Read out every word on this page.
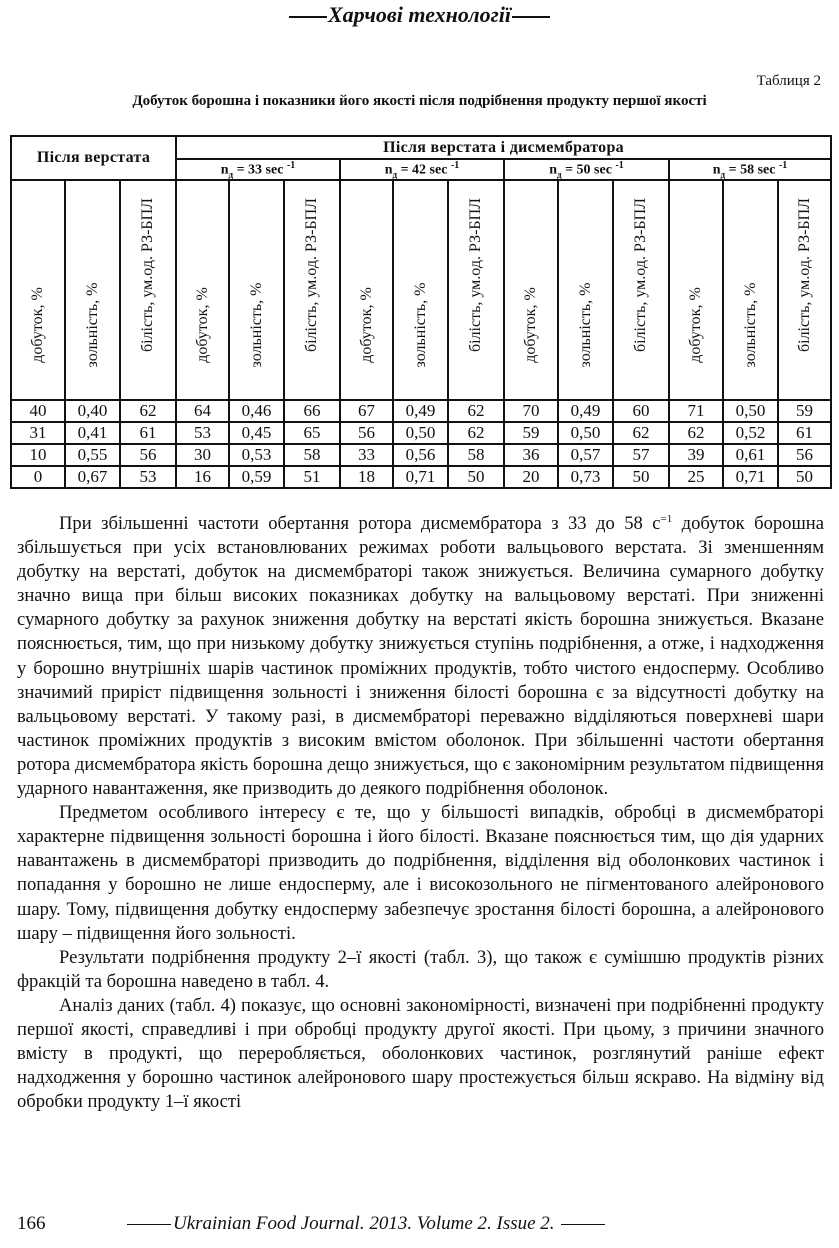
Харчові технології
Таблиця 2
Добуток борошна і показники його якості після подрібнення продукту першої якості
Після верстата			Після верстата і дисмембратора											
			$n_д = 33$ sec $^{-1}$			$n_д = 42$ sec $^{-1}$			$n_д = 50$ sec $^{-1}$			$n_д = 58$ sec $^{-1}$

добуток, %	зольність, %	білість, ум.од. РЗ-БПЛ	добуток, %	зольність, %	білість, ум.од. РЗ-БПЛ	добуток, %	зольність, %	білість, ум.од. РЗ-БПЛ	добуток, %	зольність, %	білість, ум.од. РЗ-БПЛ	добуток, %	зольність, %	білість, ум.од. РЗ-БПЛ

40	0,40	62	64	0,46	66	67	0,49	62	70	0,49	60	71	0,50	59
31	0,41	61	53	0,45	65	56	0,50	62	59	0,50	62	62	0,52	61
10	0,55	56	30	0,53	58	33	0,56	58	36	0,57	57	39	0,61	56
0	0,67	53	16	0,59	51	18	0,71	50	20	0,73	50	25	0,71	50

При збільшенні частоти обертання ротора дисмембратора з 33 до 58 $с^{=1}$ добуток борошна збільшується при усіх встановлюваних режимах роботи вальцьового верстата. Зі зменшенням добутку на верстаті, добуток на дисмембраторі також знижується. Величина сумарного добутку значно вища при більш високих показниках добутку на вальцьовому верстаті. При зниженні сумарного добутку за рахунок зниження добутку на верстаті якість борошна знижується. Вказане пояснюється, тим, що при низькому добутку знижується ступінь подрібнення, а отже, і надходження у борошно внутрішніх шарів частинок проміжних продуктів, тобто чистого ендосперму. Особливо значимий приріст підвищення зольності і зниження білості борошна є за відсутності добутку на вальцьовому верстаті. У такому разі, в дисмембраторі переважно відділяються поверхневі шари частинок проміжних продуктів з високим вмістом оболонок. При збільшенні частоти обертання ротора дисмембратора якість борошна дещо знижується, що є закономірним результатом підвищення ударного навантаження, яке призводить до деякого подрібнення оболонок.

Предметом особливого інтересу є те, що у більшості випадків, обробці в дисмембраторі характерне підвищення зольності борошна і його білості. Вказане пояснюється тим, що дія ударних навантажень в дисмембраторі призводить до подрібнення, відділення від оболонкових частинок і попадання у борошно не лише ендосперму, але і високозольного не пігментованого алейронового шару. Тому, підвищення добутку ендосперму забезпечує зростання білості борошна, а алейронового шару – підвищення його зольності.

Результати подрібнення продукту 2–ї якості (табл. 3), що також є сумішшю продуктів різних фракцій та борошна наведено в табл. 4.

Аналіз даних (табл. 4) показує, що основні закономірності, визначені при подрібненні продукту першої якості, справедливі і при обробці продукту другої якості. При цьому, з причини значного вмісту в продукті, що переробляється, оболонкових частинок, розглянутий раніше ефект надходження у борошно частинок алейронового шару простежується більш яскраво. На відміну від обробки продукту 1–ї якості

166	Ukrainian Food Journal. 2013. Volume 2. Issue 2.
